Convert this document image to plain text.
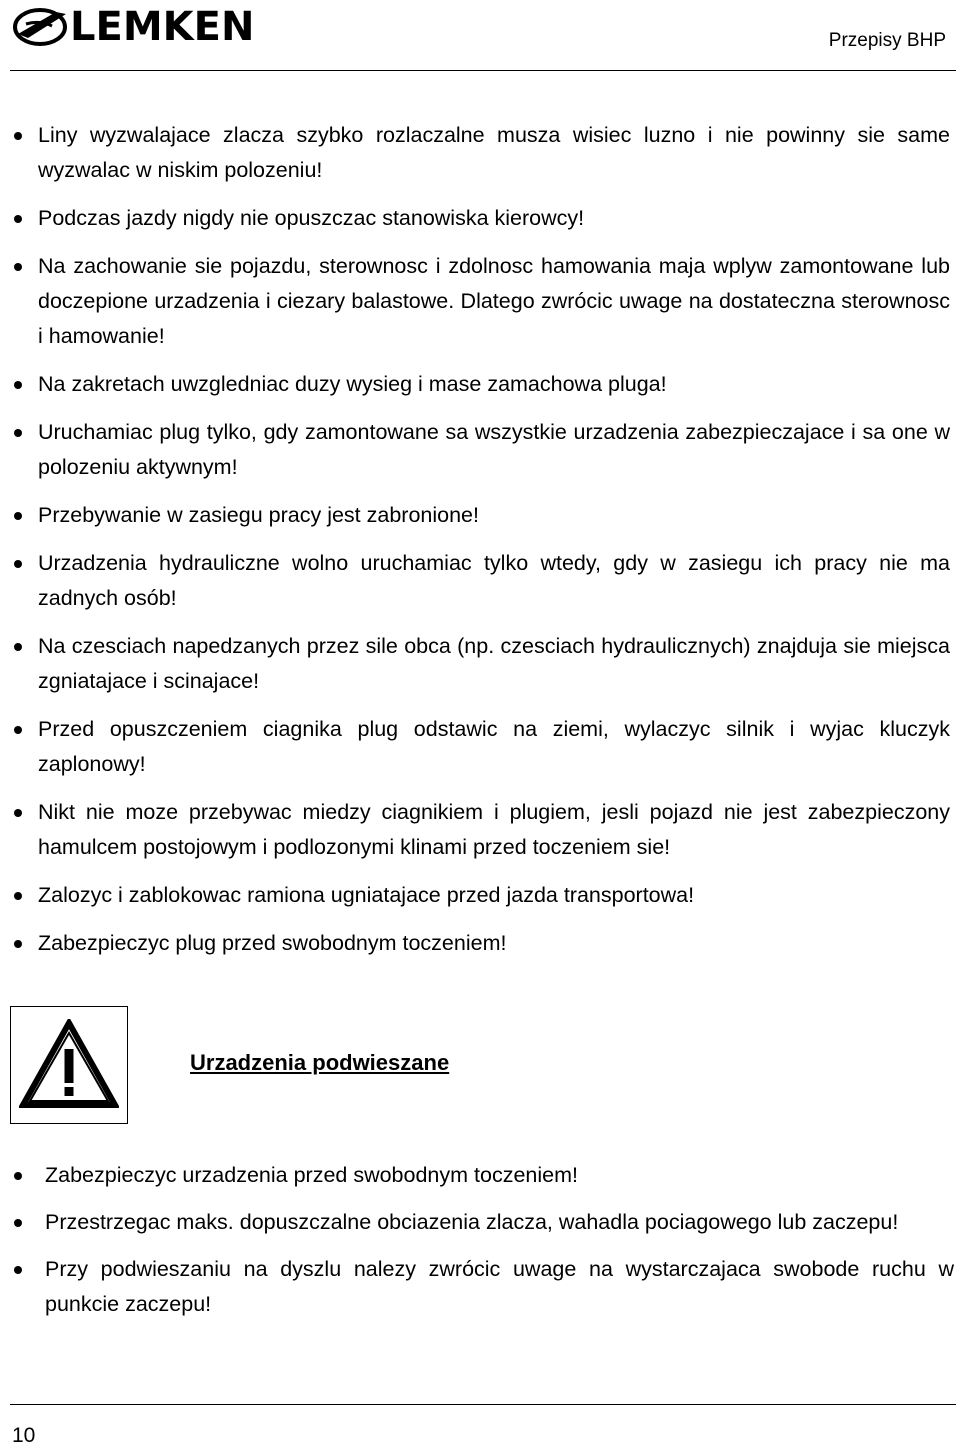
LEMKEN	Przepisy BHP
Liny wyzwalajace zlacza szybko rozlaczalne musza wisiec luzno i nie powinny sie same wyzwalac w niskim polozeniu!
Podczas jazdy nigdy nie opuszczac stanowiska kierowcy!
Na zachowanie sie pojazdu, sterownosc i zdolnosc hamowania maja wplyw zamontowane lub doczepione urzadzenia i ciezary balastowe. Dlatego zwrócic uwage na dostateczna sterownosc i hamowanie!
Na zakretach uwzgledniac duzy wysieg i mase zamachowa pluga!
Uruchamiac plug tylko, gdy zamontowane sa wszystkie urzadzenia zabezpieczajace i sa one w polozeniu aktywnym!
Przebywanie w zasiegu pracy jest zabronione!
Urzadzenia hydrauliczne wolno uruchamiac tylko wtedy, gdy w zasiegu ich pracy nie ma zadnych osób!
Na czesciach napedzanych przez sile obca (np. czesciach hydraulicznych) znajduja sie miejsca zgniatajace i scinajace!
Przed opuszczeniem ciagnika plug odstawic na ziemi, wylaczyc silnik i wyjac kluczyk zaplonowy!
Nikt nie moze przebywac miedzy ciagnikiem i plugiem, jesli pojazd nie jest zabezpieczony hamulcem postojowym i podlozonymi klinami przed toczeniem sie!
Zalozyc i zablokowac ramiona ugniatajace przed jazda transportowa!
Zabezpieczyc plug przed swobodnym toczeniem!
Urzadzenia podwieszane
Zabezpieczyc urzadzenia przed swobodnym toczeniem!
Przestrzegac maks. dopuszczalne obciazenia zlacza, wahadla pociagowego lub zaczepu!
Przy podwieszaniu na dyszlu nalezy zwrócic uwage na wystarczajaca swobode ruchu w punkcie zaczepu!
10
